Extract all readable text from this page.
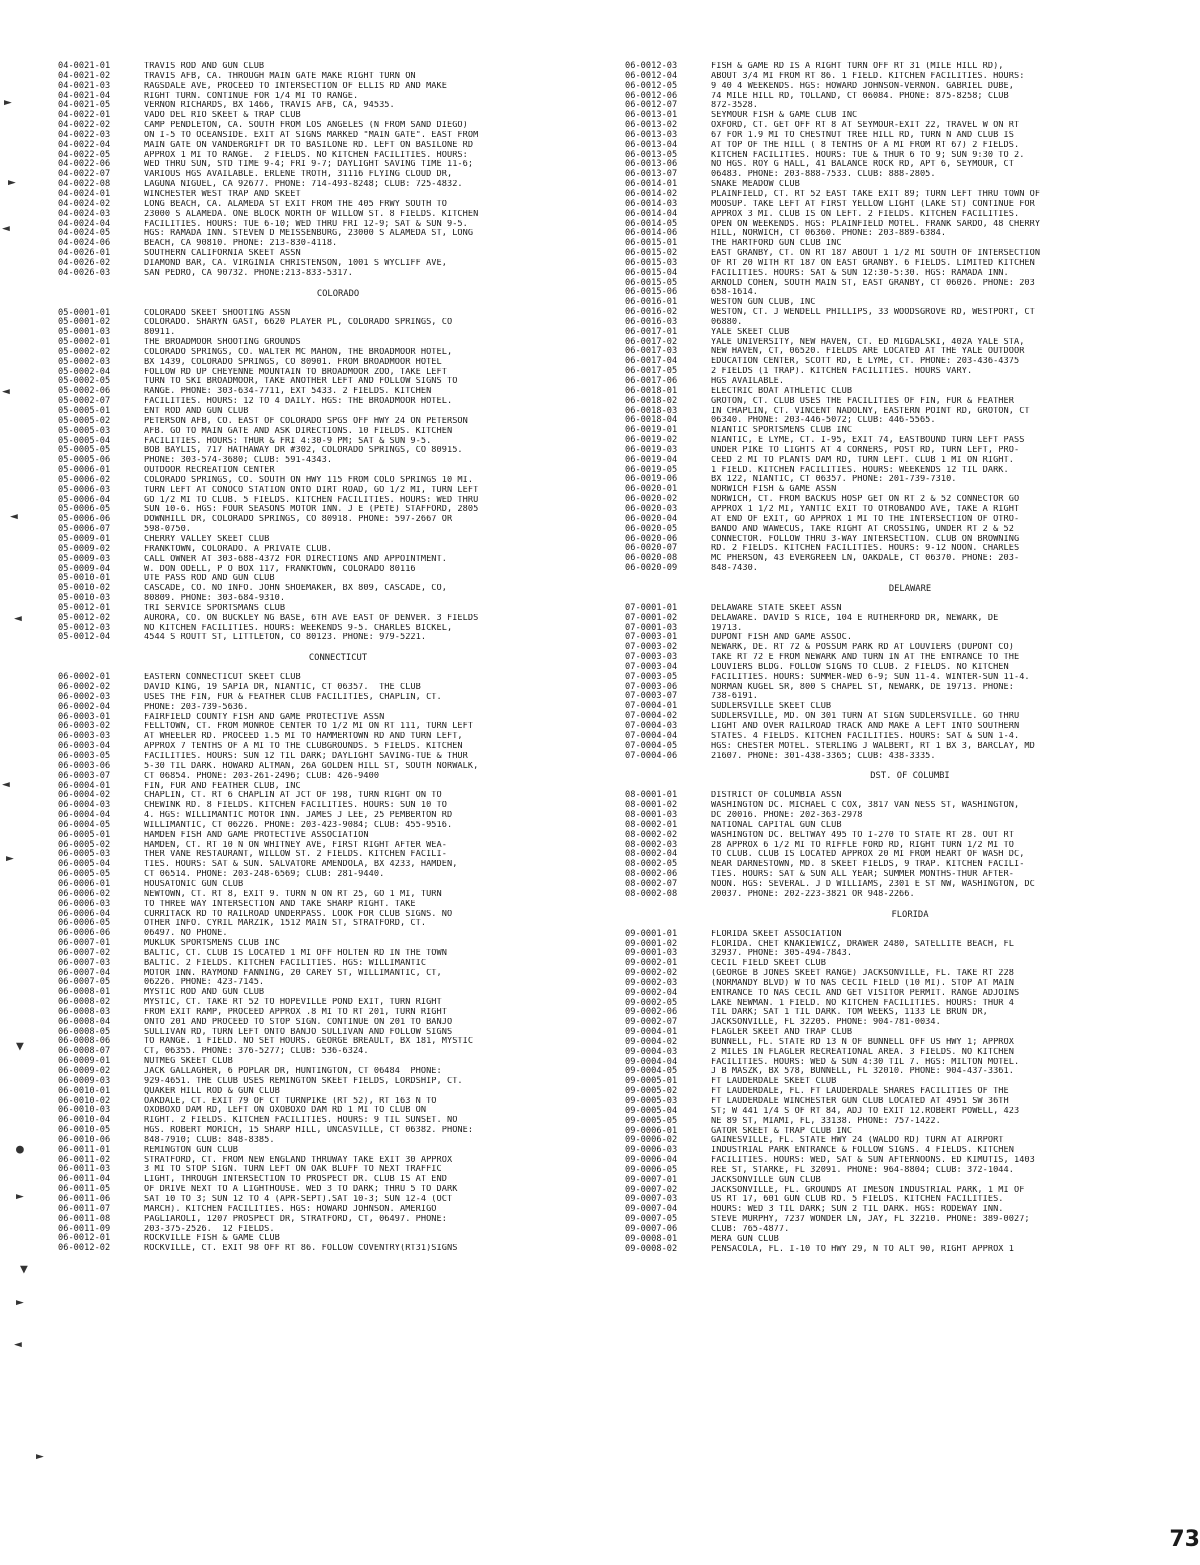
04-0021-01	TRAVIS ROD AND GUN CLUB
04-0021-02	TRAVIS AFB, CA. THROUGH MAIN GATE MAKE RIGHT TURN ON
04-0021-03	RAGSDALE AVE, PROCEED TO INTERSECTION OF ELLIS RD AND MAKE
04-0021-04	RIGHT TURN. CONTINUE FOR 1/4 MI TO RANGE.
04-0021-05	VERNON RICHARDS, BX 1466, TRAVIS AFB, CA, 94535.
04-0022-01	VADO DEL RIO SKEET & TRAP CLUB
04-0022-02	CAMP PENDLETON, CA. SOUTH FROM LOS ANGELES (N FROM SAND DIEGO)
04-0022-03	ON I-5 TO OCEANSIDE. EXIT AT SIGNS MARKED "MAIN GATE". EAST FROM
04-0022-04	MAIN GATE ON VANDERGRIFT DR TO BASILONE RD. LEFT ON BASILONE RD
04-0022-05	APPROX 1 MI TO RANGE.  2 FIELDS. NO KITCHEN FACILITIES. HOURS:
04-0022-06	WED THRU SUN, STD TIME 9-4; FRI 9-7; DAYLIGHT SAVING TIME 11-6;
04-0022-07	VARIOUS HGS AVAILABLE. ERLENE TROTH, 31116 FLYING CLOUD DR,
04-0022-08	LAGUNA NIGUEL, CA 92677. PHONE: 714-493-8248; CLUB: 725-4832.
04-0024-01	WINCHESTER WEST TRAP AND SKEET
04-0024-02	LONG BEACH, CA. ALAMEDA ST EXIT FROM THE 405 FRWY SOUTH TO
04-0024-03	23000 S ALAMEDA. ONE BLOCK NORTH OF WILLOW ST. 8 FIELDS. KITCHEN
04-0024-04	FACILITIES. HOURS: TUE 6-10; WED THRU FRI 12-9; SAT & SUN 9-5.
04-0024-05	HGS: RAMADA INN. STEVEN D MEISSENBURG, 23000 S ALAMEDA ST, LONG
04-0024-06	BEACH, CA 90810. PHONE: 213-830-4118.
04-0026-01	SOUTHERN CALIFORNIA SKEET ASSN
04-0026-02	DIAMOND BAR, CA. VIRGINIA CHRISTENSON, 1001 S WYCLIFF AVE,
04-0026-03	SAN PEDRO, CA 90732. PHONE:213-833-5317.
COLORADO
05-0001-01	COLORADO SKEET SHOOTING ASSN
05-0001-02	COLORADO. SHARYN GAST, 6620 PLAYER PL, COLORADO SPRINGS, CO
05-0001-03	80911.
05-0002-01	THE BROADMOOR SHOOTING GROUNDS
05-0002-02	COLORADO SPRINGS, CO. WALTER MC MAHON, THE BROADMOOR HOTEL,
05-0002-03	BX 1439, COLORADO SPRINGS, CO 80901. FROM BROADMOOR HOTEL
05-0002-04	FOLLOW RD UP CHEYENNE MOUNTAIN TO BROADMOOR ZOO, TAKE LEFT
05-0002-05	TURN TO SKI BROADMOOR, TAKE ANOTHER LEFT AND FOLLOW SIGNS TO
05-0002-06	RANGE. PHONE: 303-634-7711, EXT 5433. 2 FIELDS. KITCHEN
05-0002-07	FACILITIES. HOURS: 12 TO 4 DAILY. HGS: THE BROADMOOR HOTEL.
05-0005-01	ENT ROD AND GUN CLUB
05-0005-02	PETERSON AFB, CO. EAST OF COLORADO SPGS OFF HWY 24 ON PETERSON
05-0005-03	AFB. GO TO MAIN GATE AND ASK DIRECTIONS. 10 FIELDS. KITCHEN
05-0005-04	FACILITIES. HOURS: THUR & FRI 4:30-9 PM; SAT & SUN 9-5.
05-0005-05	BOB BAYLIS, 717 HATHAWAY DR #302, COLORADO SPRINGS, CO 80915.
05-0005-06	PHONE: 303-574-3680; CLUB: 591-4343.
05-0006-01	OUTDOOR RECREATION CENTER
05-0006-02	COLORADO SPRINGS, CO. SOUTH ON HWY 115 FROM COLO SPRINGS 10 MI.
05-0006-03	TURN LEFT AT CONOCO STATION ONTO DIRT ROAD, GO 1/2 MI, TURN LEFT
05-0006-04	GO 1/2 MI TO CLUB. 5 FIELDS. KITCHEN FACILITIES. HOURS: WED THRU
05-0006-05	SUN 10-6. HGS: FOUR SEASONS MOTOR INN. J E (PETE) STAFFORD, 2805
05-0006-06	DOWNHILL DR, COLORADO SPRINGS, CO 80918. PHONE: 597-2667 OR
05-0006-07	598-0750.
05-0009-01	CHERRY VALLEY SKEET CLUB
05-0009-02	FRANKTOWN, COLORADO. A PRIVATE CLUB.
05-0009-03	CALL OWNER AT 303-688-4372 FOR DIRECTIONS AND APPOINTMENT.
05-0009-04	W. DON ODELL, P O BOX 117, FRANKTOWN, COLORADO 80116
05-0010-01	UTE PASS ROD AND GUN CLUB
05-0010-02	CASCADE, CO. NO INFO. JOHN SHOEMAKER, BX 809, CASCADE, CO,
05-0010-03	80809. PHONE: 303-684-9310.
05-0012-01	TRI SERVICE SPORTSMANS CLUB
05-0012-02	AURORA, CO. ON BUCKLEY NG BASE, 6TH AVE EAST OF DENVER. 3 FIELDS
05-0012-03	NO KITCHEN FACILITIES. HOURS: WEEKENDS 9-5. CHARLES BICKEL,
05-0012-04	4544 S ROUTT ST, LITTLETON, CO 80123. PHONE: 979-5221.
CONNECTICUT
06-0002-01	EASTERN CONNECTICUT SKEET CLUB
06-0002-02	DAVID KING, 19 SAPIA DR, NIANTIC, CT 06357.  THE CLUB
06-0002-03	USES THE FIN, FUR & FEATHER CLUB FACILITIES, CHAPLIN, CT.
06-0002-04	PHONE: 203-739-5636.
06-0003-01	FAIRFIELD COUNTY FISH AND GAME PROTECTIVE ASSN
06-0003-02	FELLTOWN, CT. FROM MONROE CENTER TO 1/2 MI ON RT 111, TURN LEFT
06-0003-03	AT WHEELER RD. PROCEED 1.5 MI TO HAMMERTOWN RD AND TURN LEFT,
06-0003-04	APPROX 7 TENTHS OF A MI TO THE CLUBGROUNDS. 5 FIELDS. KITCHEN
06-0003-05	FACILITIES. HOURS: SUN 12 TIL DARK; DAYLIGHT SAVING-TUE & THUR
06-0003-06	5-30 TIL DARK. HOWARD ALTMAN, 26A GOLDEN HILL ST, SOUTH NORWALK,
06-0003-07	CT 06854. PHONE: 203-261-2496; CLUB: 426-9400
06-0004-01	FIN, FUR AND FEATHER CLUB, INC
06-0004-02	CHAPLIN, CT. RT 6 CHAPLIN AT JCT OF 198, TURN RIGHT ON TO
06-0004-03	CHEWINK RD. 8 FIELDS. KITCHEN FACILITIES. HOURS: SUN 10 TO
06-0004-04	4. HGS: WILLIMANTIC MOTOR INN. JAMES J LEE, 25 PEMBERTON RD
06-0004-05	WILLIMANTIC, CT 06226. PHONE: 203-423-9084; CLUB: 455-9516.
06-0005-01	HAMDEN FISH AND GAME PROTECTIVE ASSOCIATION
06-0005-02	HAMDEN, CT. RT 10 N ON WHITNEY AVE, FIRST RIGHT AFTER WEA-
06-0005-03	THER VANE RESTAURANT, WILLOW ST. 2 FIELDS. KITCHEN FACILI-
06-0005-04	TIES. HOURS: SAT & SUN. SALVATORE AMENDOLA, BX 4233, HAMDEN,
06-0005-05	CT 06514. PHONE: 203-248-6569; CLUB: 281-9440.
06-0006-01	HOUSATONIC GUN CLUB
06-0006-02	NEWTOWN, CT. RT 8, EXIT 9. TURN N ON RT 25, GO 1 MI, TURN
06-0006-03	TO THREE WAY INTERSECTION AND TAKE SHARP RIGHT. TAKE
06-0006-04	CURRITACK RD TO RAILROAD UNDERPASS. LOOK FOR CLUB SIGNS. NO
06-0006-05	OTHER INFO. CYRIL MARZIK, 1512 MAIN ST, STRATFORD, CT.
06-0006-06	06497. NO PHONE.
06-0007-01	MUKLUK SPORTSMENS CLUB INC
06-0007-02	BALTIC, CT. CLUB IS LOCATED 1 MI OFF HOLTEN RD IN THE TOWN
06-0007-03	BALTIC. 2 FIELDS. KITCHEN FACILITIES. HGS: WILLIMANTIC
06-0007-04	MOTOR INN. RAYMOND FANNING, 20 CAREY ST, WILLIMANTIC, CT,
06-0007-05	06226. PHONE: 423-7145.
06-0008-01	MYSTIC ROD AND GUN CLUB
06-0008-02	MYSTIC, CT. TAKE RT 52 TO HOPEVILLE POND EXIT, TURN RIGHT
06-0008-03	FROM EXIT RAMP, PROCEED APPROX .8 MI TO RT 201, TURN RIGHT
06-0008-04	ONTO 201 AND PROCEED TO STOP SIGN. CONTINUE ON 201 TO BANJO
06-0008-05	SULLIVAN RD, TURN LEFT ONTO BANJO SULLIVAN AND FOLLOW SIGNS
06-0008-06	TO RANGE. 1 FIELD. NO SET HOURS. GEORGE BREAULT, BX 181, MYSTIC
06-0008-07	CT, 06355. PHONE: 376-5277; CLUB: 536-6324.
06-0009-01	NUTMEG SKEET CLUB
06-0009-02	JACK GALLAGHER, 6 POPLAR DR, HUNTINGTON, CT 06484  PHONE:
06-0009-03	929-4651. THE CLUB USES REMINGTON SKEET FIELDS, LORDSHIP, CT.
06-0010-01	QUAKER HILL ROD & GUN CLUB
06-0010-02	OAKDALE, CT. EXIT 79 OF CT TURNPIKE (RT 52), RT 163 N TO
06-0010-03	OXOBOXO DAM RD, LEFT ON OXOBOXO DAM RD 1 MI TO CLUB ON
06-0010-04	RIGHT. 2 FIELDS. KITCHEN FACILITIES. HOURS: 9 TIL SUNSET. NO
06-0010-05	HGS. ROBERT MORICH, 15 SHARP HILL, UNCASVILLE, CT 06382. PHONE:
06-0010-06	848-7910; CLUB: 848-8385.
06-0011-01	REMINGTON GUN CLUB
06-0011-02	STRATFORD, CT. FROM NEW ENGLAND THRUWAY TAKE EXIT 30 APPROX
06-0011-03	3 MI TO STOP SIGN. TURN LEFT ON OAK BLUFF TO NEXT TRAFFIC
06-0011-04	LIGHT, THROUGH INTERSECTION TO PROSPECT DR. CLUB IS AT END
06-0011-05	OF DRIVE NEXT TO A LIGHTHOUSE. WED 3 TO DARK; THRU 5 TO DARK
06-0011-06	SAT 10 TO 3; SUN 12 TO 4 (APR-SEPT).SAT 10-3; SUN 12-4 (OCT
06-0011-07	MARCH). KITCHEN FACILITIES. HGS: HOWARD JOHNSON. AMERIGO
06-0011-08	PAGLIAROLI, 1207 PROSPECT DR, STRATFORD, CT, 06497. PHONE:
06-0011-09	203-375-2526.  12 FIELDS.
06-0012-01	ROCKVILLE FISH & GAME CLUB
06-0012-02	ROCKVILLE, CT. EXIT 98 OFF RT 86. FOLLOW COVENTRY(RT31)SIGNS
06-0012-03	FISH & GAME RD IS A RIGHT TURN OFF RT 31 (MILE HILL RD),
06-0012-04	ABOUT 3/4 MI FROM RT 86. 1 FIELD. KITCHEN FACILITIES. HOURS:
06-0012-05	9 40 4 WEEKENDS. HGS: HOWARD JOHNSON-VERNON. GABRIEL DUBE,
06-0012-06	74 MILE HILL RD, TOLLAND, CT 06084. PHONE: 875-8258; CLUB
06-0012-07	872-3528.
06-0013-01	SEYMOUR FISH & GAME CLUB INC
06-0013-02	OXFORD, CT. GET OFF RT 8 AT SEYMOUR-EXIT 22, TRAVEL W ON RT
06-0013-03	67 FOR 1.9 MI TO CHESTNUT TREE HILL RD, TURN N AND CLUB IS
06-0013-04	AT TOP OF THE HILL ( 8 TENTHS OF A MI FROM RT 67) 2 FIELDS.
06-0013-05	KITCHEN FACILITIES. HOURS: TUE & THUR 6 TO 9; SUN 9:30 TO 2.
06-0013-06	NO HGS. ROY G HALL, 41 BALANCE ROCK RD, APT 6, SEYMOUR, CT
06-0013-07	06483. PHONE: 203-888-7533. CLUB: 888-2805.
06-0014-01	SNAKE MEADOW CLUB
06-0014-02	PLAINFIELD, CT. RT 52 EAST TAKE EXIT 89; TURN LEFT THRU TOWN OF
06-0014-03	MOOSUP. TAKE LEFT AT FIRST YELLOW LIGHT (LAKE ST) CONTINUE FOR
06-0014-04	APPROX 3 MI. CLUB IS ON LEFT. 2 FIELDS. KITCHEN FACILITIES.
06-0014-05	OPEN ON WEEKENDS. HGS: PLAINFIELD MOTEL. FRANK SARDO, 48 CHERRY
06-0014-06	HILL, NORWICH, CT 06360. PHONE: 203-889-6384.
06-0015-01	THE HARTFORD GUN CLUB INC
06-0015-02	EAST GRANBY, CT. ON RT 187 ABOUT 1 1/2 MI SOUTH OF INTERSECTION
06-0015-03	OF RT 20 WITH RT 187 ON EAST GRANBY. 6 FIELDS. LIMITED KITCHEN
06-0015-04	FACILITIES. HOURS: SAT & SUN 12:30-5:30. HGS: RAMADA INN.
06-0015-05	ARNOLD COHEN, SOUTH MAIN ST, EAST GRANBY, CT 06026. PHONE: 203
06-0015-06	658-1614.
06-0016-01	WESTON GUN CLUB, INC
06-0016-02	WESTON, CT. J WENDELL PHILLIPS, 33 WOODSGROVE RD, WESTPORT, CT
06-0016-03	06880.
06-0017-01	YALE SKEET CLUB
06-0017-02	YALE UNIVERSITY, NEW HAVEN, CT. ED MIGDALSKI, 402A YALE STA,
06-0017-03	NEW HAVEN, CT, 06520. FIELDS ARE LOCATED AT THE YALE OUTDOOR
06-0017-04	EDUCATION CENTER, SCOTT RD, E LYME, CT. PHONE: 203-436-4375
06-0017-05	2 FIELDS (1 TRAP). KITCHEN FACILITIES. HOURS VARY.
06-0017-06	HGS AVAILABLE.
06-0018-01	ELECTRIC BOAT ATHLETIC CLUB
06-0018-02	GROTON, CT. CLUB USES THE FACILITIES OF FIN, FUR & FEATHER
06-0018-03	IN CHAPLIN, CT. VINCENT NADOLNY, EASTERN POINT RD, GROTON, CT
06-0018-04	06340. PHONE: 203-446-5072; CLUB: 446-5565.
06-0019-01	NIANTIC SPORTSMENS CLUB INC
06-0019-02	NIANTIC, E LYME, CT. I-95, EXIT 74, EASTBOUND TURN LEFT PASS
06-0019-03	UNDER PIKE TO LIGHTS AT 4 CORNERS, POST RD, TURN LEFT, PRO-
06-0019-04	CEED 2 MI TO PLANTS DAM RD, TURN LEFT. CLUB 1 MI ON RIGHT.
06-0019-05	1 FIELD. KITCHEN FACILITIES. HOURS: WEEKENDS 12 TIL DARK.
06-0019-06	BX 122, NIANTIC, CT 06357. PHONE: 201-739-7310.
06-0020-01	NORWICH FISH & GAME ASSN
06-0020-02	NORWICH, CT. FROM BACKUS HOSP GET ON RT 2 & 52 CONNECTOR GO
06-0020-03	APPROX 1 1/2 MI, YANTIC EXIT TO OTROBANDO AVE, TAKE A RIGHT
06-0020-04	AT END OF EXIT, GO APPROX 1 MI TO THE INTERSECTION OF OTRO-
06-0020-05	BANDO AND WAWECUS, TAKE RIGHT AT CROSSING, UNDER RT 2 & 52
06-0020-06	CONNECTOR. FOLLOW THRU 3-WAY INTERSECTION. CLUB ON BROWNING
06-0020-07	RD. 2 FIELDS. KITCHEN FACILITIES. HOURS: 9-12 NOON. CHARLES
06-0020-08	MC PHERSON, 43 EVERGREEN LN, OAKDALE, CT 06370. PHONE: 203-
06-0020-09	848-7430.
DELAWARE
07-0001-01	DELAWARE STATE SKEET ASSN
07-0001-02	DELAWARE. DAVID S RICE, 104 E RUTHERFORD DR, NEWARK, DE
07-0001-03	19713.
07-0003-01	DUPONT FISH AND GAME ASSOC.
07-0003-02	NEWARK, DE. RT 72 & POSSUM PARK RD AT LOUVIERS (DUPONT CO)
07-0003-03	TAKE RT 72 E FROM NEWARK AND TURN IN AT THE ENTRANCE TO THE
07-0003-04	LOUVIERS BLDG. FOLLOW SIGNS TO CLUB. 2 FIELDS. NO KITCHEN
07-0003-05	FACILITIES. HOURS: SUMMER-WED 6-9; SUN 11-4. WINTER-SUN 11-4.
07-0003-06	NORMAN KUGEL SR, 800 S CHAPEL ST, NEWARK, DE 19713. PHONE:
07-0003-07	738-6191.
07-0004-01	SUDLERSVILLE SKEET CLUB
07-0004-02	SUDLERSVILLE, MD. ON 301 TURN AT SIGN SUDLERSVILLE. GO THRU
07-0004-03	LIGHT AND OVER RAILROAD TRACK AND MAKE A LEFT INTO SOUTHERN
07-0004-04	STATES. 4 FIELDS. KITCHEN FACILITIES. HOURS: SAT & SUN 1-4.
07-0004-05	HGS: CHESTER MOTEL. STERLING J WALBERT, RT 1 BX 3, BARCLAY, MD
07-0004-06	21607. PHONE: 301-438-3365; CLUB: 438-3335.
DST. OF COLUMBI
08-0001-01	DISTRICT OF COLUMBIA ASSN
08-0001-02	WASHINGTON DC. MICHAEL C COX, 3817 VAN NESS ST, WASHINGTON,
08-0001-03	DC 20016. PHONE: 202-363-2978
08-0002-01	NATIONAL CAPITAL GUN CLUB
08-0002-02	WASHINGTON DC. BELTWAY 495 TO I-270 TO STATE RT 28. OUT RT
08-0002-03	28 APPROX 6 1/2 MI TO RIFFLE FORD RD, RIGHT TURN 1/2 MI TO
08-0002-04	TO CLUB. CLUB IS LOCATED APPROX 20 MI FROM HEART OF WASH DC,
08-0002-05	NEAR DARNESTOWN, MD. 8 SKEET FIELDS, 9 TRAP. KITCHEN FACILI-
08-0002-06	TIES. HOURS: SAT & SUN ALL YEAR; SUMMER MONTHS-THUR AFTER-
08-0002-07	NOON. HGS: SEVERAL. J D WILLIAMS, 2301 E ST NW, WASHINGTON, DC
08-0002-08	20037. PHONE: 202-223-3821 OR 948-2266.
FLORIDA
09-0001-01	FLORIDA SKEET ASSOCIATION
09-0001-02	FLORIDA. CHET KNAKIEWICZ, DRAWER 2480, SATELLITE BEACH, FL
09-0001-03	32937. PHONE: 305-494-7843.
09-0002-01	CECIL FIELD SKEET CLUB
09-0002-02	(GEORGE B JONES SKEET RANGE) JACKSONVILLE, FL. TAKE RT 228
09-0002-03	(NORMANDY BLVD) W TO NAS CECIL FIELD (10 MI). STOP AT MAIN
09-0002-04	ENTRANCE TO NAS CECIL AND GET VISITOR PERMIT. RANGE ADJOINS
09-0002-05	LAKE NEWMAN. 1 FIELD. NO KITCHEN FACILITIES. HOURS: THUR 4
09-0002-06	TIL DARK; SAT 1 TIL DARK. TOM WEEKS, 1133 LE BRUN DR,
09-0002-07	JACKSONVILLE, FL 32205. PHONE: 904-781-0034.
09-0004-01	FLAGLER SKEET AND TRAP CLUB
09-0004-02	BUNNELL, FL. STATE RD 13 N OF BUNNELL OFF US HWY 1; APPROX
09-0004-03	2 MILES IN FLAGLER RECREATIONAL AREA. 3 FIELDS. NO KITCHEN
09-0004-04	FACILITIES. HOURS: WED & SUN 4:30 TIL 7. HGS: MILTON MOTEL.
09-0004-05	J B MASZK, BX 578, BUNNELL, FL 32010. PHONE: 904-437-3361.
09-0005-01	FT LAUDERDALE SKEET CLUB
09-0005-02	FT LAUDERDALE, FL. FT LAUDERDALE SHARES FACILITIES OF THE
09-0005-03	FT LAUDERDALE WINCHESTER GUN CLUB LOCATED AT 4951 SW 36TH
09-0005-04	ST; W 441 1/4 S OF RT 84, ADJ TO EXIT 12.ROBERT POWELL, 423
09-0005-05	NE 89 ST, MIAMI, FL, 33138. PHONE: 757-1422.
09-0006-01	GATOR SKEET & TRAP CLUB INC
09-0006-02	GAINESVILLE, FL. STATE HWY 24 (WALDO RD) TURN AT AIRPORT
09-0006-03	INDUSTRIAL PARK ENTRANCE & FOLLOW SIGNS. 4 FIELDS. KITCHEN
09-0006-04	FACILITIES. HOURS: WED, SAT & SUN AFTERNOONS. ED KIMUTIS, 1403
09-0006-05	REE ST, STARKE, FL 32091. PHONE: 964-8804; CLUB: 372-1044.
09-0007-01	JACKSONVILLE GUN CLUB
09-0007-02	JACKSONVILLE, FL. GROUNDS AT IMESON INDUSTRIAL PARK, 1 MI OF
09-0007-03	US RT 17, 601 GUN CLUB RD. 5 FIELDS. KITCHEN FACILITIES.
09-0007-04	HOURS: WED 3 TIL DARK; SUN 2 TIL DARK. HGS: RODEWAY INN.
09-0007-05	STEVE MURPHY, 7237 WONDER LN, JAY, FL 32210. PHONE: 389-0027;
09-0007-06	CLUB: 765-4877.
09-0008-01	MERA GUN CLUB
09-0008-02	PENSACOLA, FL. I-10 TO HWY 29, N TO ALT 90, RIGHT APPROX 1
73
►
►
◄
◄
◄
◄
◄
►
▼
●
►
▼
►
◄
►
